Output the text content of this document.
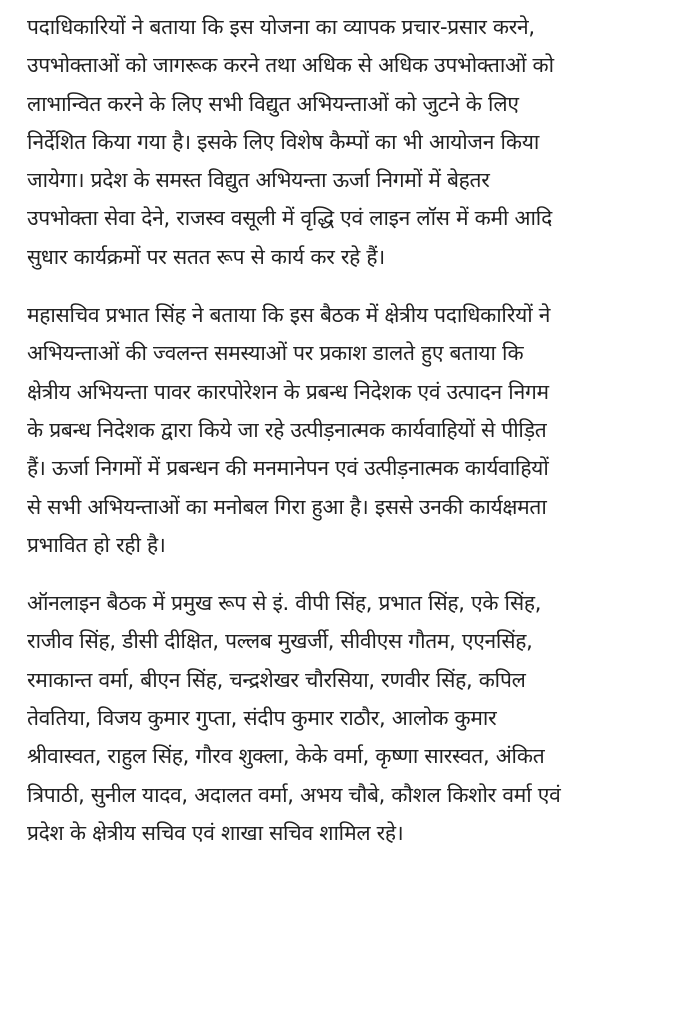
पदाधिकारियों ने बताया कि इस योजना का व्यापक प्रचार-प्रसार करने,
उपभोक्ताओं को जागरूक करने तथा अधिक से अधिक उपभोक्ताओं को
लाभान्वित करने के लिए सभी विद्युत अभियन्ताओं को जुटने के लिए
निर्देशित किया गया है। इसके लिए विशेष कैम्पों का भी आयोजन किया
जायेगा। प्रदेश के समस्त विद्युत अभियन्ता ऊर्जा निगमों में बेहतर
उपभोक्ता सेवा देने, राजस्व वसूली में वृद्धि एवं लाइन लॉस में कमी आदि
सुधार कार्यक्रमों पर सतत रूप से कार्य कर रहे हैं।

महासचिव प्रभात सिंह ने बताया कि इस बैठक में क्षेत्रीय पदाधिकारियों ने
अभियन्ताओं की ज्वलन्त समस्याओं पर प्रकाश डालते हुए बताया कि
क्षेत्रीय अभियन्ता पावर कारपोरेशन के प्रबन्ध निदेशक एवं उत्पादन निगम
के प्रबन्ध निदेशक द्वारा किये जा रहे उत्पीड़नात्मक कार्यवाहियों से पीड़ित
हैं। ऊर्जा निगमों में प्रबन्धन की मनमानेपन एवं उत्पीड़नात्मक कार्यवाहियों
से सभी अभियन्ताओं का मनोबल गिरा हुआ है। इससे उनकी कार्यक्षमता
प्रभावित हो रही है।

ऑनलाइन बैठक में प्रमुख रूप से इं. वीपी सिंह, प्रभात सिंह, एके सिंह,
राजीव सिंह, डीसी दीक्षित, पल्लब मुखर्जी, सीवीएस गौतम, एएनसिंह,
रमाकान्त वर्मा, बीएन सिंह, चन्द्रशेखर चौरसिया, रणवीर सिंह, कपिल
तेवतिया, विजय कुमार गुप्ता, संदीप कुमार राठौर, आलोक कुमार
श्रीवास्वत, राहुल सिंह, गौरव शुक्ला, केके वर्मा, कृष्णा सारस्वत, अंकित
त्रिपाठी, सुनील यादव, अदालत वर्मा, अभय चौबे, कौशल किशोर वर्मा एवं
प्रदेश के क्षेत्रीय सचिव एवं शाखा सचिव शामिल रहे।
